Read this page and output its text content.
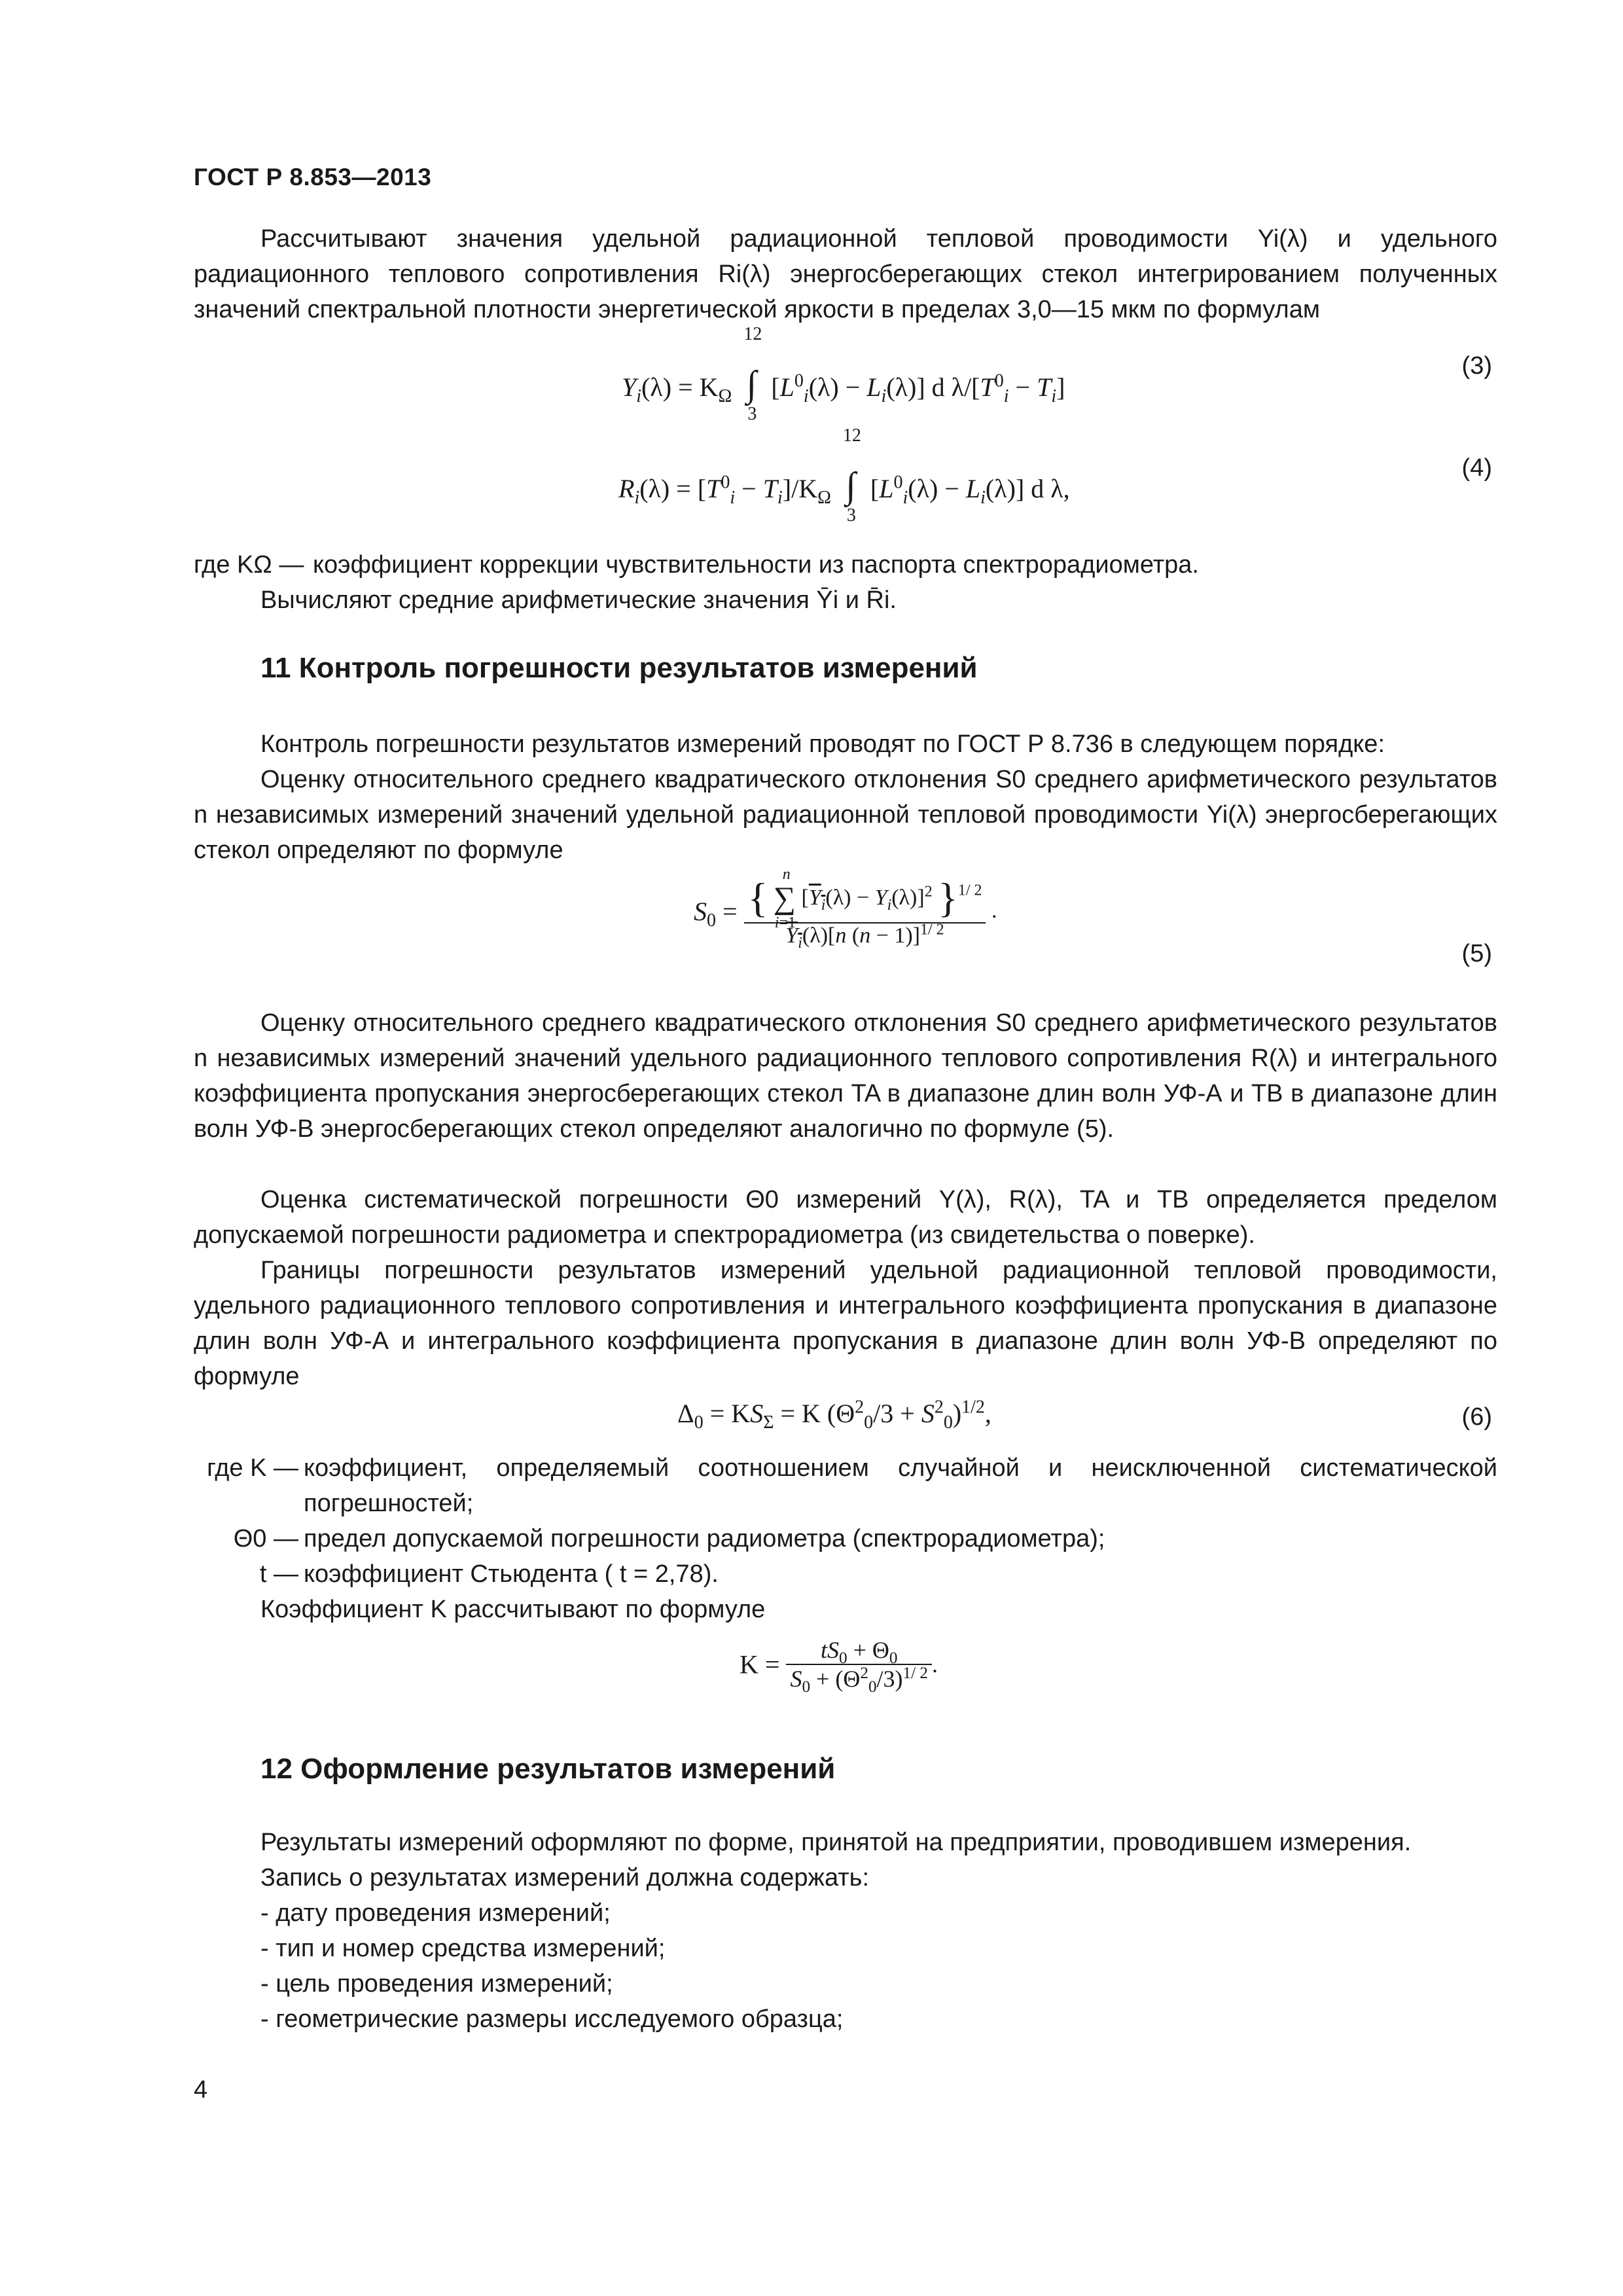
ГОСТ Р 8.853—2013
Рассчитывают значения удельной радиационной тепловой проводимости Yi(λ) и удельного радиационного теплового сопротивления Ri(λ) энергосберегающих стекол интегрированием полученных значений спектральной плотности энергетической яркости в пределах 3,0—15 мкм по формулам
$Y_i(\lambda) = K_\Omega$
12
∫
3
$[L^0_i(\lambda) - L_i(\lambda)]$ d $\lambda/[T^0_i - T_i]$
(3)
$R_i(\lambda) = [T^0_i - T_i]/K_\Omega$
12
∫
3
$[L^0_i(\lambda) - L_i(\lambda)]$ d λ,
(4)
где KΩ — коэффициент коррекции чувствительности из паспорта спектрорадиометра.
Вычисляют средние арифметические значения Ȳi и R̄i.
11 Контроль погрешности результатов измерений
Контроль погрешности результатов измерений проводят по ГОСТ Р 8.736 в следующем порядке:
Оценку относительного среднего квадратического отклонения S0 среднего арифметического результатов n независимых измерений значений удельной радиационной тепловой проводимости Yi(λ) энергосберегающих стекол определяют по формуле
$S_0$ = {
n
∑
i=1
$[Y_i(\lambda) - Y_i(\lambda)]^2$ }$^{1/ 2}$
$Y_i(\lambda)[n$ (n − 1)]$^{1/ 2}$
.
(5)
Оценку относительного среднего квадратического отклонения S0 среднего арифметического результатов n независимых измерений значений удельного радиационного теплового сопротивления R(λ) и интегрального коэффициента пропускания энергосберегающих стекол TA в диапазоне длин волн УФ-А и TB в диапазоне длин волн УФ-В энергосберегающих стекол определяют аналогично по формуле (5).
Оценка систематической погрешности Θ0 измерений Y(λ), R(λ), TA и TB определяется пределом допускаемой погрешности радиометра и спектрорадиометра (из свидетельства о поверке).
Границы погрешности результатов измерений удельной радиационной тепловой проводимости, удельного радиационного теплового сопротивления и интегрального коэффициента пропускания в диапазоне длин волн УФ-А и интегрального коэффициента пропускания в диапазоне длин волн УФ-В определяют по формуле
$\Delta_0 = KS_\Sigma = K$ $(\Theta^2_0/3 + S^2_0)^{1/2}$,	(6)
где K — коэффициент, определяемый соотношением случайной и неисключенной систематической погрешностей;
Θ0 — предел допускаемой погрешности радиометра (спектрорадиометра);
t — коэффициент Стьюдента ( t = 2,78).
Коэффициент K рассчитывают по формуле
$K = \frac{tS_0 + \Theta_0}{S_0 + (\Theta^2_0/3)^{1/ 2}}$ .
12 Оформление результатов измерений
Результаты измерений оформляют по форме, принятой на предприятии, проводившем измерения.
Запись о результатах измерений должна содержать:
- дату проведения измерений;
- тип и номер средства измерений;
- цель проведения измерений;
- геометрические размеры исследуемого образца;
4
